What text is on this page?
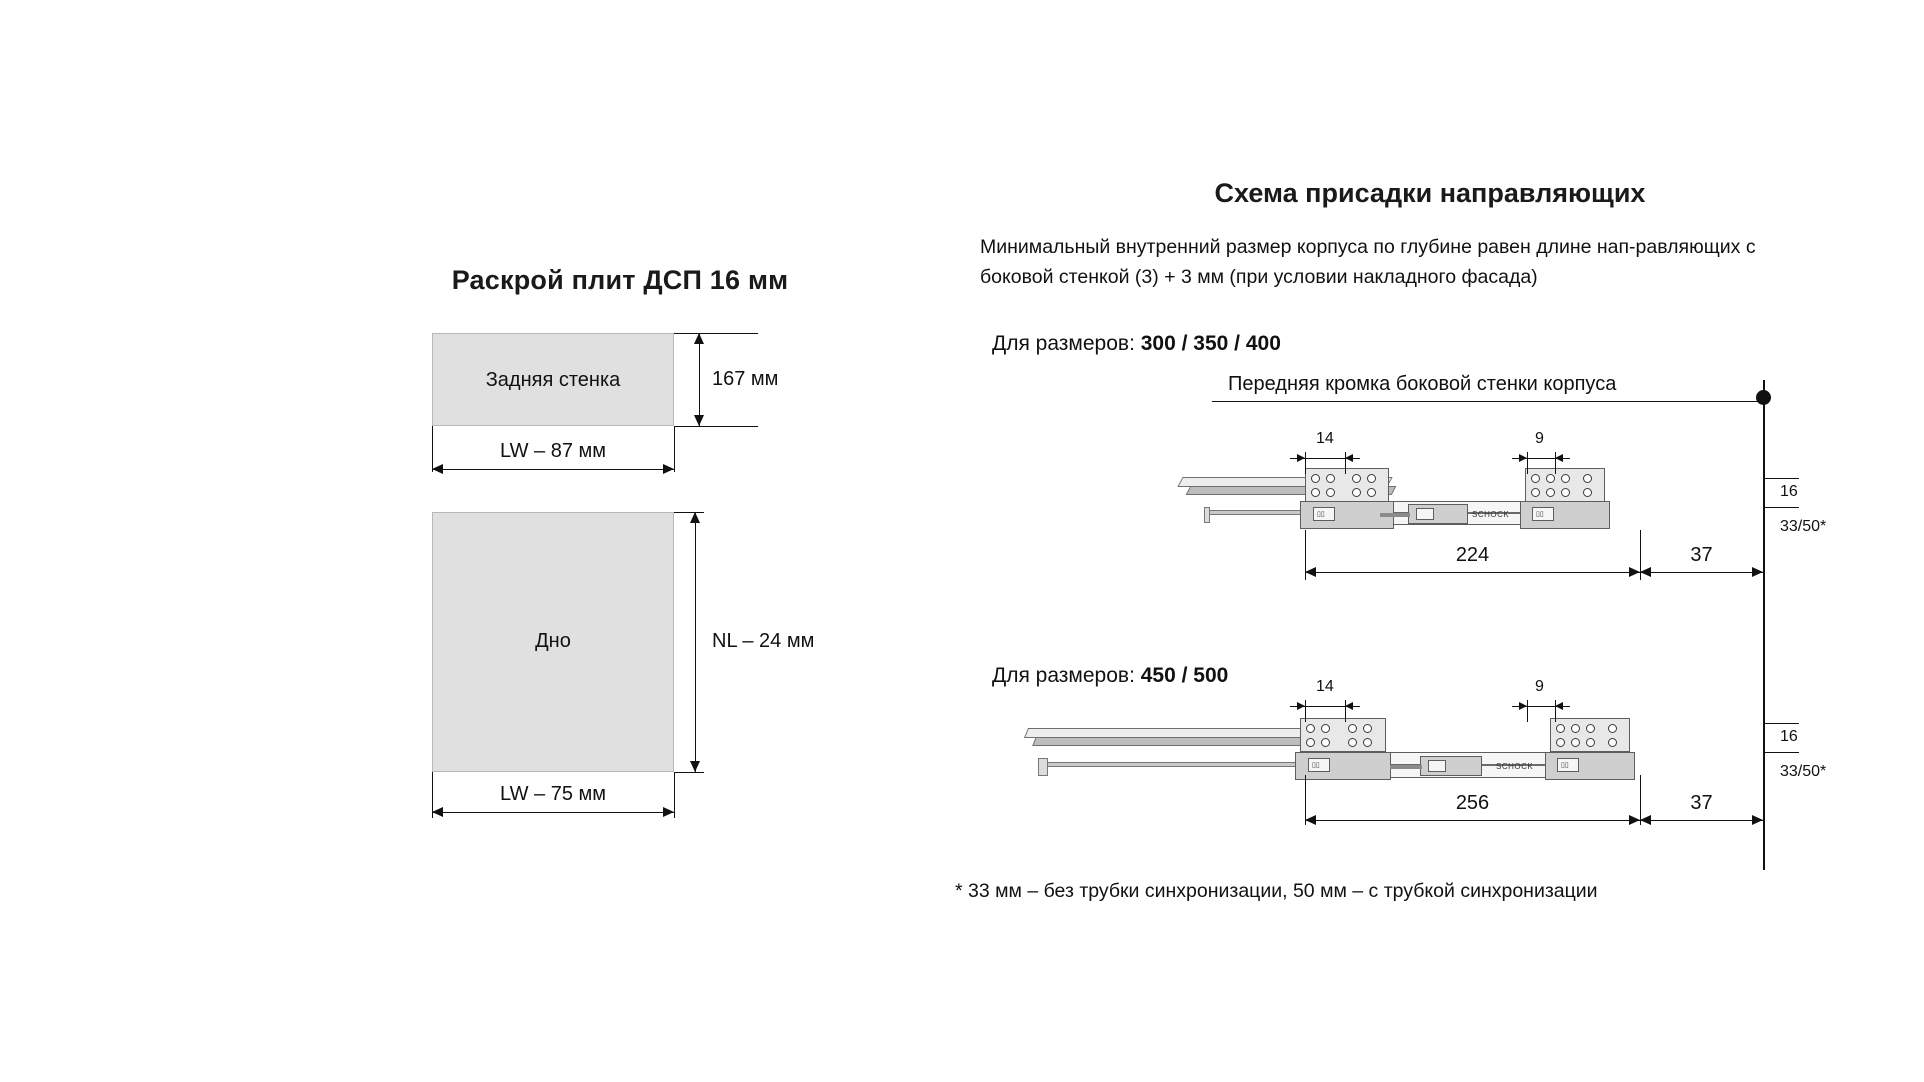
Раскрой плит ДСП 16 мм
Задняя стенка	167 мм
LW – 87 мм
Дно	NL – 24 мм
LW – 75 мм
Схема присадки направляющих
Минимальный внутренний размер корпуса по глубине равен длине нап-равляющих с боковой стенкой (3) + 3 мм (при условии накладного фасада)
Для размеров: 300 / 350 / 400
Передняя кромка боковой стенки корпуса
▯▯	▯▯
SCHOCK
14	9
224	37
16
33/50*
Для размеров: 450 / 500
▯▯	▯▯
SCHOCK
14	9
256	37
16
33/50*
* 33 мм – без трубки синхронизации, 50 мм – с трубкой синхронизации
